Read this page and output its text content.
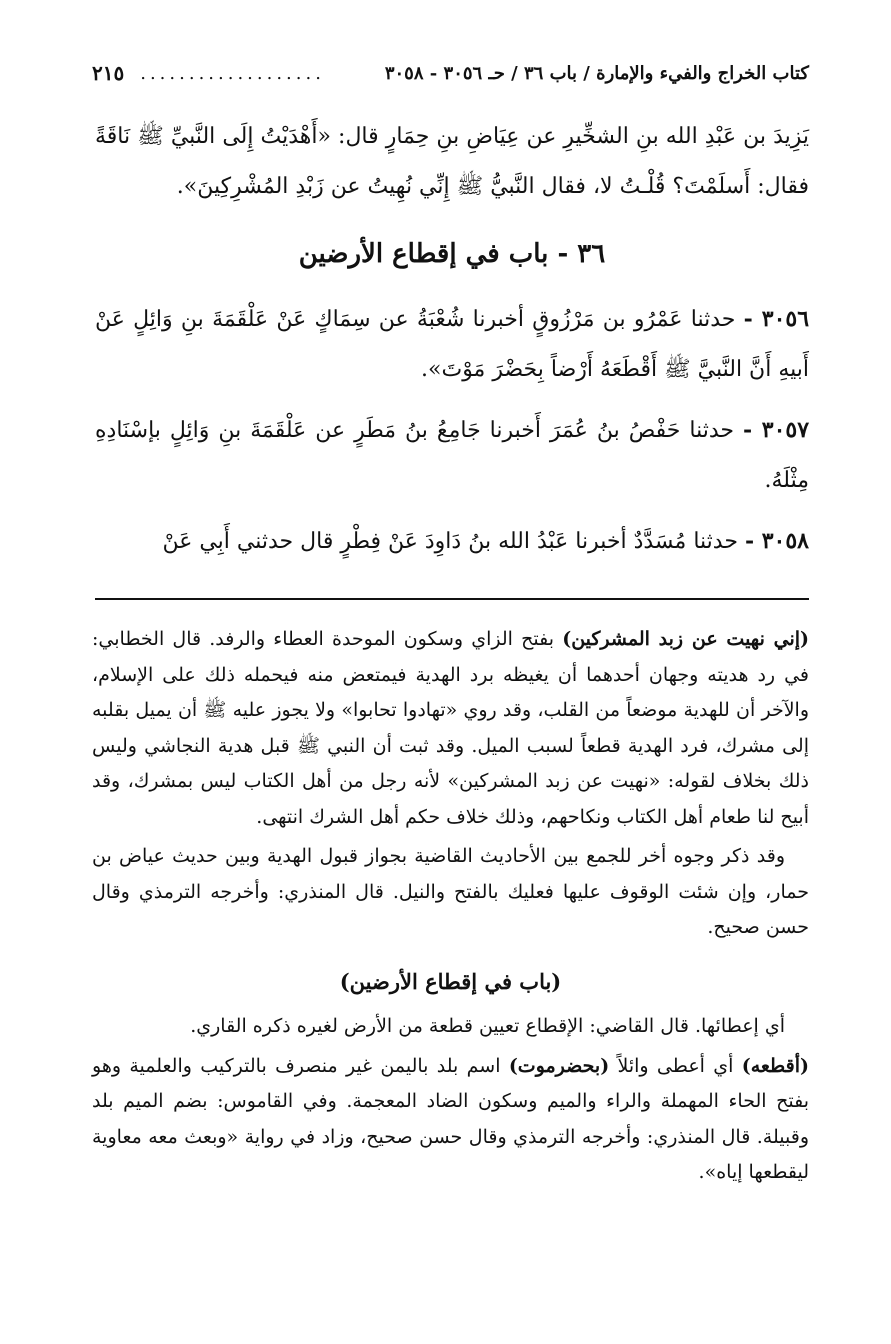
كتاب الخراج والفيء والإمارة / باب ٣٦ / حـ ٣٠٥٦ - ٣٠٥٨
...................
٢١٥

يَزِيدَ بن عَبْدِ الله بنِ الشخِّيرِ عن عِيَاضِ بنِ حِمَارٍ قال: «أَهْدَيْتُ إِلَى النَّبيِّ ﷺ نَاقَةً فقال: أَسلَمْتَ؟ قُلْـتُ لا، فقال النَّبيُّ ﷺ إِنِّي نُهِيتُ عن زَبْدِ المُشْرِكِينَ».

٣٦ - باب في إقطاع الأرضين

٣٠٥٦ - حدثنا عَمْرُو بن مَرْزُوقٍ أخبرنا شُعْبَةُ عن سِمَاكٍ عَنْ عَلْقَمَةَ بنِ وَائِلٍ عَنْ أَبيهِ أَنَّ النَّبيَّ ﷺ أَقْطَعَهُ أَرْضاً بِحَضْرَ مَوْتَ».

٣٠٥٧ - حدثنا حَفْصُ بنُ عُمَرَ أَخبرنا جَامِعُ بنُ مَطَرٍ عن عَلْقَمَةَ بنِ وَائِلٍ بإسْنَادِهِ مِثْلَهُ.

٣٠٥٨ - حدثنا مُسَدَّدٌ أخبرنا عَبْدُ الله بنُ دَاوِدَ عَنْ فِطْرٍ قال حدثني أَبِي عَنْ

(إني نهيت عن زبد المشركين) بفتح الزاي وسكون الموحدة العطاء والرفد. قال الخطابي: في رد هديته وجهان أحدهما أن يغيظه برد الهدية فيمتعض منه فيحمله ذلك على الإسلام، والآخر أن للهدية موضعاً من القلب، وقد روي «تهادوا تحابوا» ولا يجوز عليه ﷺ أن يميل بقلبه إلى مشرك، فرد الهدية قطعاً لسبب الميل. وقد ثبت أن النبي ﷺ قبل هدية النجاشي وليس ذلك بخلاف لقوله: «نهيت عن زبد المشركين» لأنه رجل من أهل الكتاب ليس بمشرك، وقد أبيح لنا طعام أهل الكتاب ونكاحهم، وذلك خلاف حكم أهل الشرك انتهى.

وقد ذكر وجوه أخر للجمع بين الأحاديث القاضية بجواز قبول الهدية وبين حديث عياض بن حمار، وإن شئت الوقوف عليها فعليك بالفتح والنيل. قال المنذري: وأخرجه الترمذي وقال حسن صحيح.

(باب في إقطاع الأرضين)

أي إعطائها. قال القاضي: الإقطاع تعيين قطعة من الأرض لغيره ذكره القاري.

(أقطعه) أي أعطى وائلاً (بحضرموت) اسم بلد باليمن غير منصرف بالتركيب والعلمية وهو بفتح الحاء المهملة والراء والميم وسكون الضاد المعجمة. وفي القاموس: بضم الميم بلد وقبيلة. قال المنذري: وأخرجه الترمذي وقال حسن صحيح، وزاد في رواية «وبعث معه معاوية ليقطعها إياه».
